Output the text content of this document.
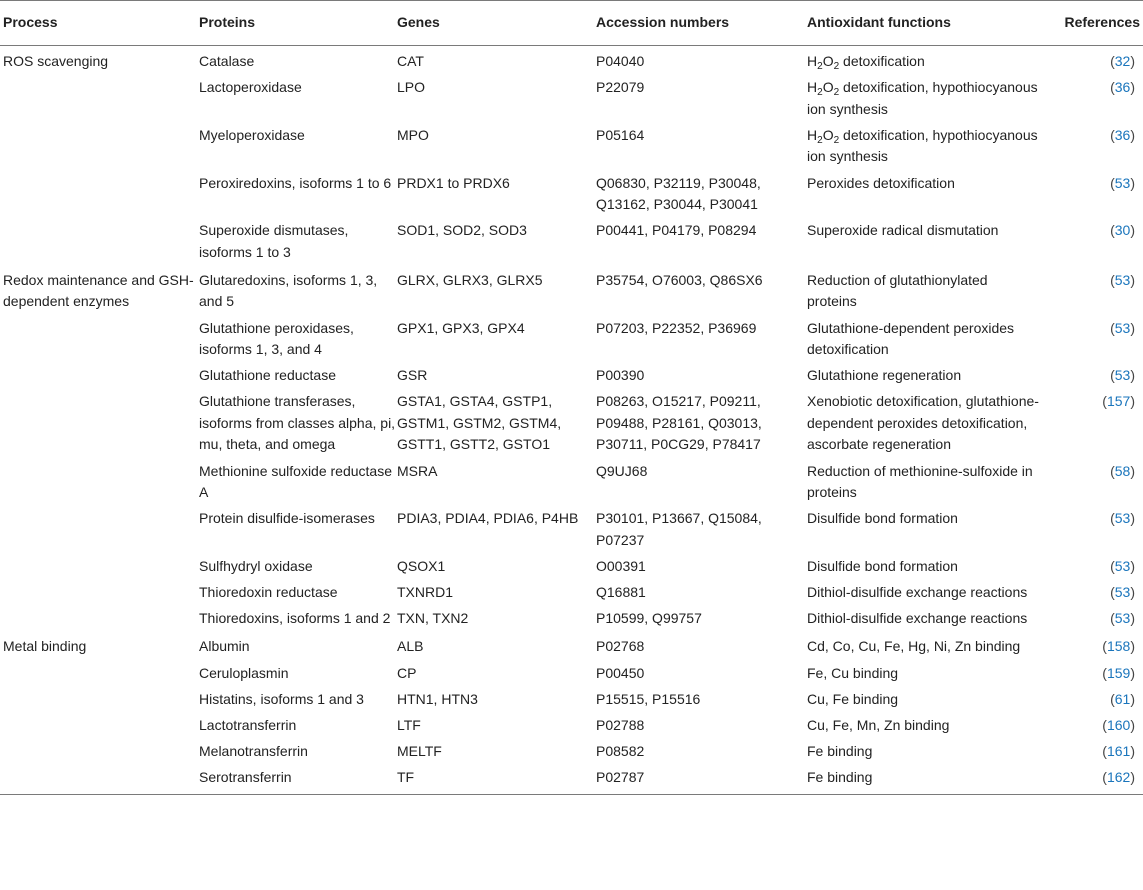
Process	Proteins	Genes	Accession numbers	Antioxidant functions	References
ROS scavenging	Catalase	CAT	P04040	$H_2O_2$ detoxification	(32)
	Lactoperoxidase	LPO	P22079	$H_2O_2$ detoxification, hypothiocyanous ion synthesis	(36)
	Myeloperoxidase	MPO	P05164	$H_2O_2$ detoxification, hypothiocyanous ion synthesis	(36)
	Peroxiredoxins, isoforms 1 to 6	PRDX1 to PRDX6	Q06830, P32119, P30048, Q13162, P30044, P30041	Peroxides detoxification	(53)
	Superoxide dismutases, isoforms 1 to 3	SOD1, SOD2, SOD3	P00441, P04179, P08294	Superoxide radical dismutation	(30)
Redox maintenance and GSH-dependent enzymes	Glutaredoxins, isoforms 1, 3, and 5	GLRX, GLRX3, GLRX5	P35754, O76003, Q86SX6	Reduction of glutathionylated proteins	(53)
	Glutathione peroxidases, isoforms 1, 3, and 4	GPX1, GPX3, GPX4	P07203, P22352, P36969	Glutathione-dependent peroxides detoxification	(53)
	Glutathione reductase	GSR	P00390	Glutathione regeneration	(53)
	Glutathione transferases, isoforms from classes alpha, pi, mu, theta, and omega	GSTA1, GSTA4, GSTP1, GSTM1, GSTM2, GSTM4, GSTT1, GSTT2, GSTO1	P08263, O15217, P09211, P09488, P28161, Q03013, P30711, P0CG29, P78417	Xenobiotic detoxification, glutathione-dependent peroxides detoxification, ascorbate regeneration	(157)
	Methionine sulfoxide reductase A	MSRA	Q9UJ68	Reduction of methionine-sulfoxide in proteins	(58)
	Protein disulfide-isomerases	PDIA3, PDIA4, PDIA6, P4HB	P30101, P13667, Q15084, P07237	Disulfide bond formation	(53)
	Sulfhydryl oxidase	QSOX1	O00391	Disulfide bond formation	(53)
	Thioredoxin reductase	TXNRD1	Q16881	Dithiol-disulfide exchange reactions	(53)
	Thioredoxins, isoforms 1 and 2	TXN, TXN2	P10599, Q99757	Dithiol-disulfide exchange reactions	(53)
Metal binding	Albumin	ALB	P02768	Cd, Co, Cu, Fe, Hg, Ni, Zn binding	(158)
	Ceruloplasmin	CP	P00450	Fe, Cu binding	(159)
	Histatins, isoforms 1 and 3	HTN1, HTN3	P15515, P15516	Cu, Fe binding	(61)
	Lactotransferrin	LTF	P02788	Cu, Fe, Mn, Zn binding	(160)
	Melanotransferrin	MELTF	P08582	Fe binding	(161)
	Serotransferrin	TF	P02787	Fe binding	(162)
